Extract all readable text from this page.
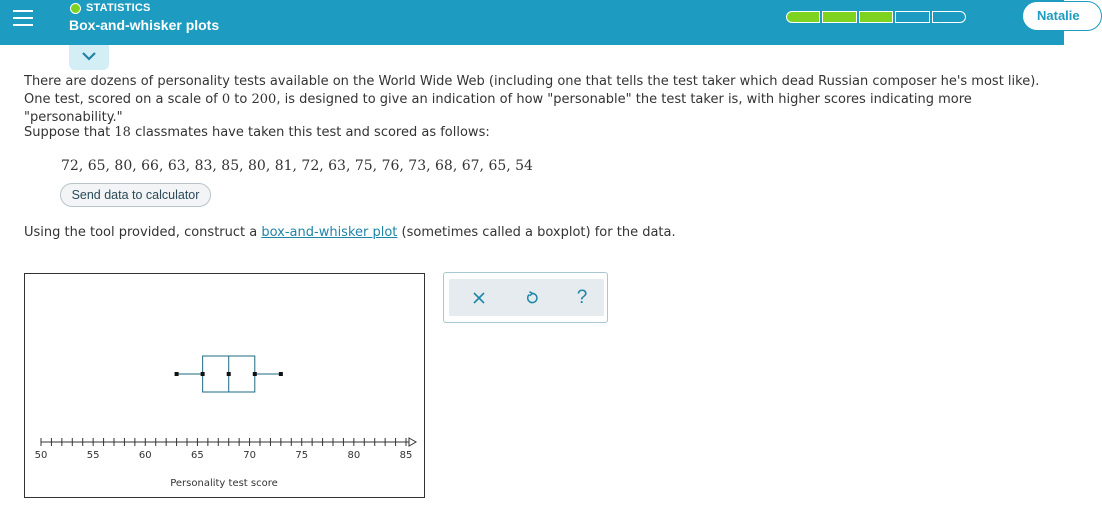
STATISTICS
Box-and-whisker plots
Natalie
There are dozens of personality tests available on the World Wide Web (including one that tells the test taker which dead Russian composer he's most like). One test, scored on a scale of 0 to 200, is designed to give an indication of how "personable" the test taker is, with higher scores indicating more "personability."
Suppose that 18 classmates have taken this test and scored as follows:
72, 65, 80, 66, 63, 83, 85, 80, 81, 72, 63, 75, 76, 73, 68, 67, 65, 54
Send data to calculator
Using the tool provided, construct a box-and-whisker plot (sometimes called a boxplot) for the data.
50	55	60	65	70	75	80	85
Personality test score
?
